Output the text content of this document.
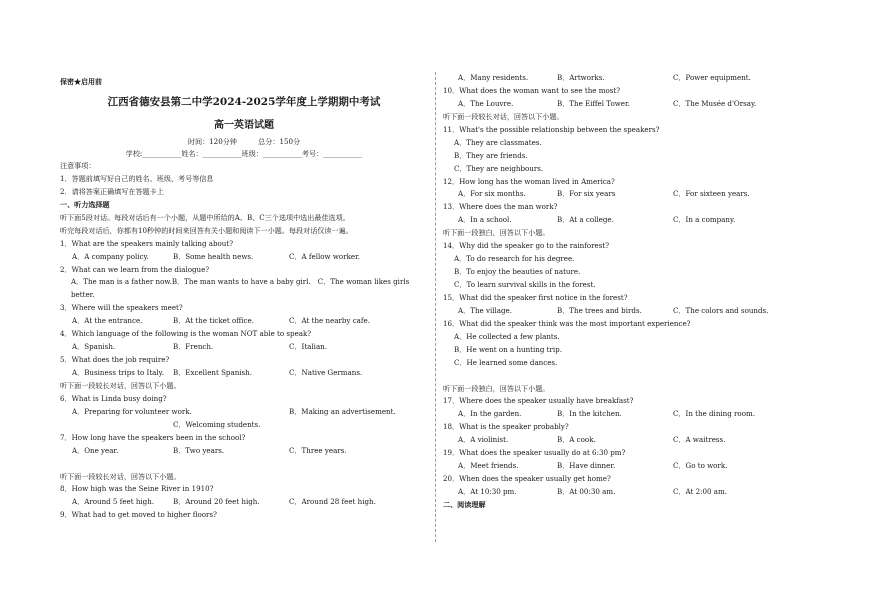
保密★启用前
江西省德安县第二中学2024-2025学年度上学期期中考试
高一英语试题
时间：120分钟　　　总分：150分
学校:___________姓名：___________班级：___________考号：___________
注意事项：
1．答题前填写好自己的姓名、班级、考号等信息
2．请将答案正确填写在答题卡上
一、听力选择题
听下面5段对话。每段对话后有一个小题，从题中所给的A、B、C三个选项中选出最佳选项。
听完每段对话后，你都有10秒钟的时间来回答有关小题和阅读下一小题。每段对话仅读一遍。
1．What are the speakers mainly talking about?
A．A company policy.	B．Some health news.	C．A fellow worker.
2．What can we learn from the dialogue?
A．The man is a father now.B．The man wants to have a baby girl.　C．The woman likes girls
better.
3．Where will the speakers meet?
A．At the entrance.	B．At the ticket office.	C．At the nearby cafe.
4．Which language of the following is the woman NOT able to speak?
A．Spanish.	B．French.	C．Italian.
5．What does the job require?
A．Business trips to Italy.	B．Excellent Spanish.	C．Native Germans.
听下面一段较长对话，回答以下小题。
6．What is Linda busy doing?
A．Preparing for volunteer work.	B．Making an advertisement.
C．Welcoming students.
7．How long have the speakers been in the school?
A．One year.	B．Two years.	C．Three years.
听下面一段较长对话，回答以下小题。
8．How high was the Seine River in 1910?
A．Around 5 feet high.	B．Around 20 feet high.	C．Around 28 feet high.
9．What had to get moved to higher floors?
A．Many residents.	B．Artworks.	C．Power equipment.
10．What does the woman want to see the most?
A．The Louvre.	B．The Eiffel Tower.	C．The Musée d'Orsay.
听下面一段较长对话，回答以下小题。
11．What's the possible relationship between the speakers?
A．They are classmates.
B．They are friends.
C．They are neighbours.
12．How long has the woman lived in America?
A．For six months.	B．For six years	C．For sixteen years.
13．Where does the man work?
A．In a school.	B．At a college.	C．In a company.
听下面一段独白，回答以下小题。
14．Why did the speaker go to the rainforest?
A．To do research for his degree.
B．To enjoy the beauties of nature.
C．To learn survival skills in the forest.
15．What did the speaker first notice in the forest?
A．The village.	B．The trees and birds.	C．The colors and sounds.
16．What did the speaker think was the most important experience?
A．He collected a few plants.
B．He went on a hunting trip.
C．He learned some dances.
听下面一段独白，回答以下小题。
17．Where does the speaker usually have breakfast?
A．In the garden.	B．In the kitchen.	C．In the dining room.
18．What is the speaker probably?
A．A violinist.	B．A cook.	C．A waitress.
19．What does the speaker usually do at 6:30 pm?
A．Meet friends.	B．Have dinner.	C．Go to work.
20．When does the speaker usually get home?
A．At 10:30 pm.	B．At 00:30 am.	C．At 2:00 am.
二、阅读理解
